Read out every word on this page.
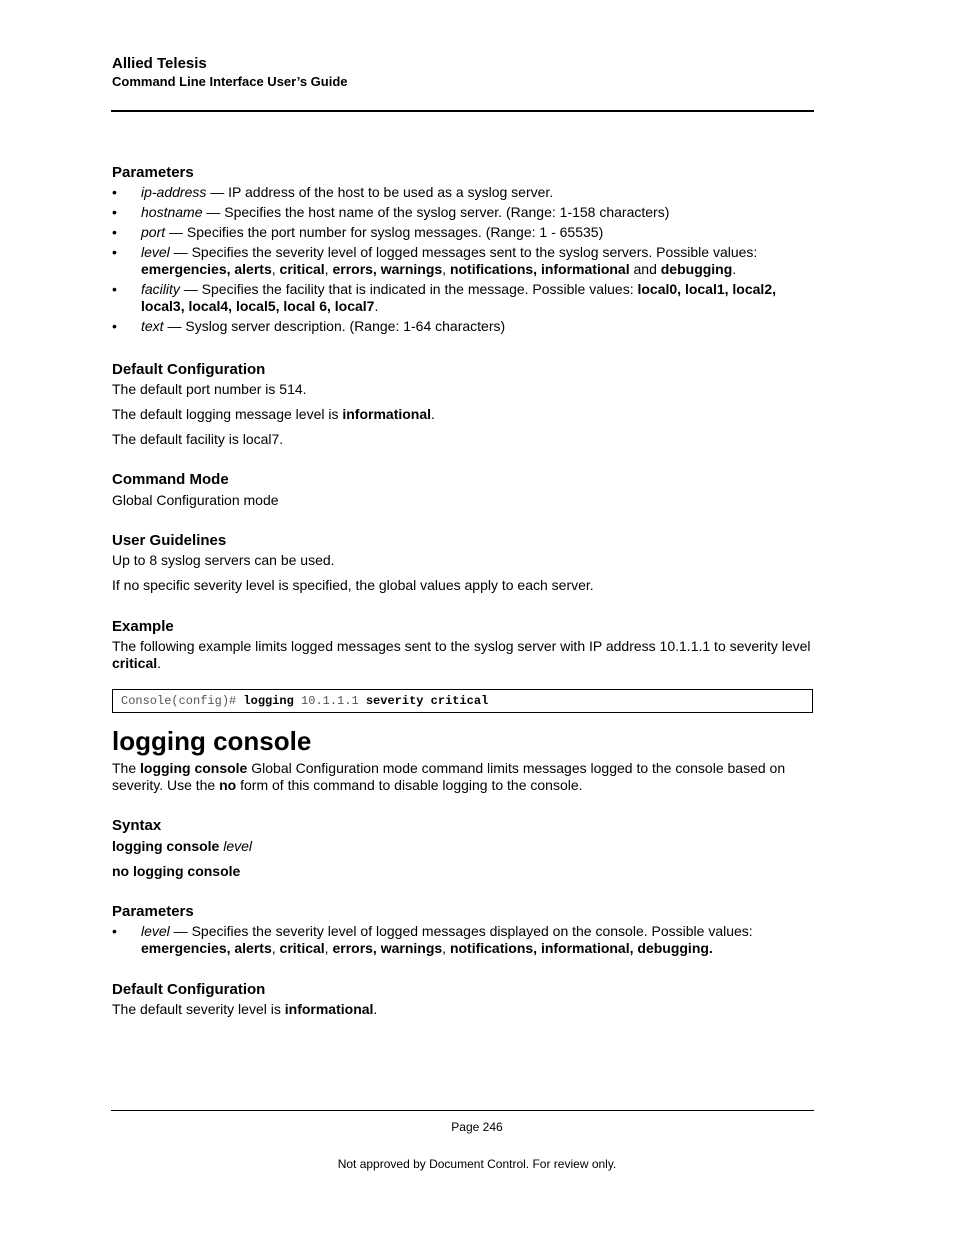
Allied Telesis
Command Line Interface User’s Guide
Parameters
• ip-address — IP address of the host to be used as a syslog server.
• hostname — Specifies the host name of the syslog server. (Range: 1-158 characters)
• port — Specifies the port number for syslog messages. (Range: 1 - 65535)
• level — Specifies the severity level of logged messages sent to the syslog servers. Possible values:
emergencies, alerts, critical, errors, warnings, notifications, informational and debugging.
• facility — Specifies the facility that is indicated in the message. Possible values: local0, local1, local2, local3, local4, local5, local 6, local7.
• text — Syslog server description. (Range: 1-64 characters)
Default Configuration

The default port number is 514.

The default logging message level is informational.

The default facility is local7.

Command Mode

Global Configuration mode

User Guidelines

Up to 8 syslog servers can be used.

If no specific severity level is specified, the global values apply to each server.

Example

The following example limits logged messages sent to the syslog server with IP address 10.1.1.1 to severity level critical.

Console(config)# logging 10.1.1.1 severity critical
logging console

The logging console Global Configuration mode command limits messages logged to the console based on severity. Use the no form of this command to disable logging to the console.

Syntax

logging console level

no logging console

Parameters
• level — Specifies the severity level of logged messages displayed on the console. Possible values:
emergencies, alerts, critical, errors, warnings, notifications, informational, debugging.
Default Configuration

The default severity level is informational.

Page 246
Not approved by Document Control. For review only.
